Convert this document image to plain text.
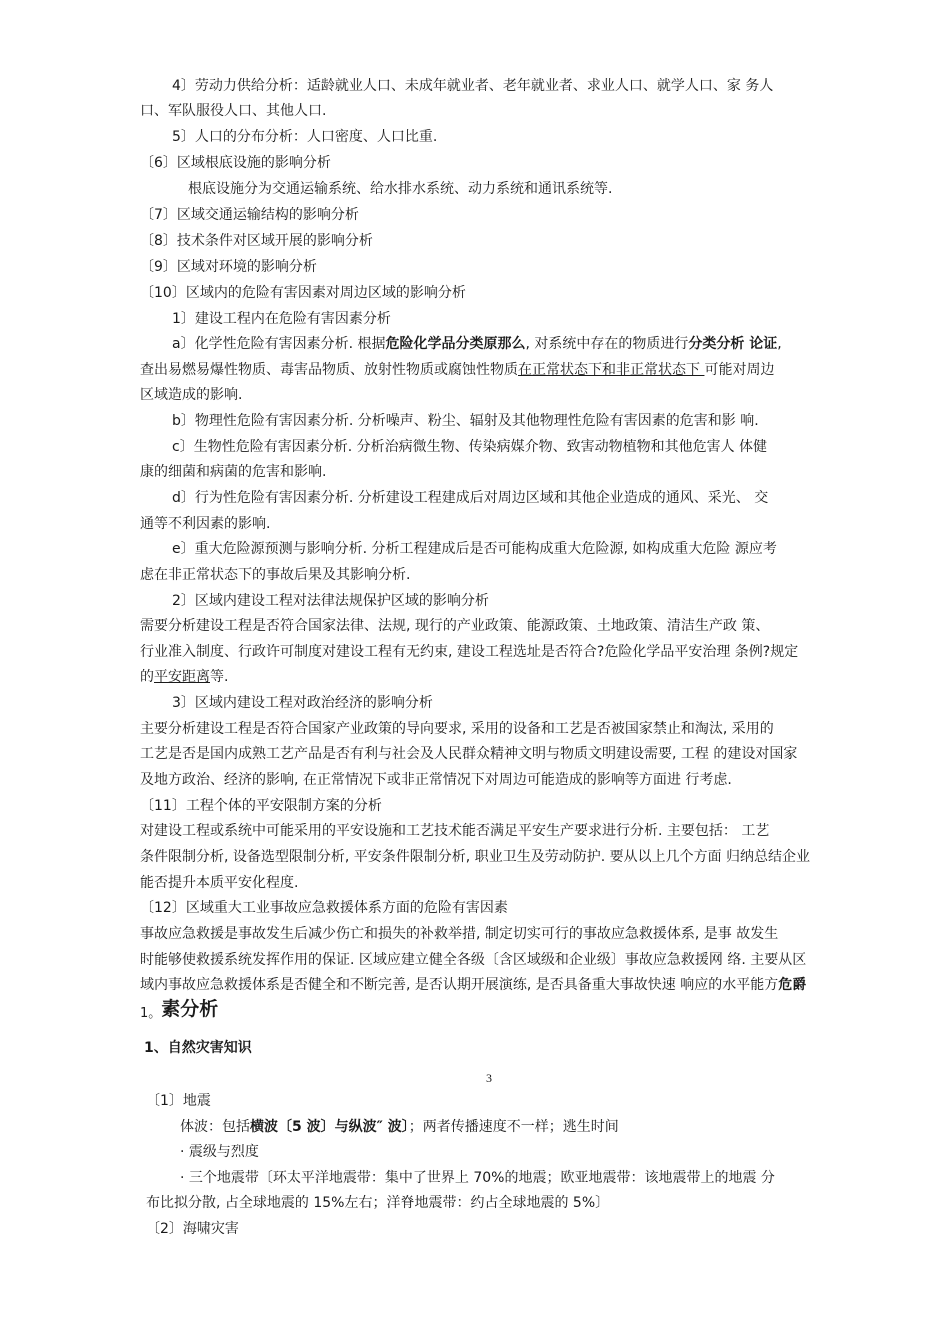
4〕劳动力供给分析：适龄就业人口、未成年就业者、老年就业者、求业人口、就学人口、家 务人
口、军队服役人口、其他人口.
5〕人口的分布分析：人口密度、人口比重.
〔6〕区域根底设施的影响分析
根底设施分为交通运输系统、给水排水系统、动力系统和通讯系统等.
〔7〕区域交通运输结构的影响分析
〔8〕技术条件对区域开展的影响分析
〔9〕区域对环境的影响分析
〔10〕区域内的危险有害因素对周边区域的影响分析
1〕建设工程内在危险有害因素分析
a〕化学性危险有害因素分析. 根据危险化学品分类原那么, 对系统中存在的物质进行分类分析 论证,
查出易燃易爆性物质、毒害品物质、放射性物质或腐蚀性物质在正常状态下和非正常状态下 可能对周边
区域造成的影响.
b〕物理性危险有害因素分析. 分析噪声、粉尘、辐射及其他物理性危险有害因素的危害和影 响.
c〕生物性危险有害因素分析. 分析治病微生物、传染病媒介物、致害动物植物和其他危害人 体健
康的细菌和病菌的危害和影响.
d〕行为性危险有害因素分析. 分析建设工程建成后对周边区域和其他企业造成的通风、采光、 交
通等不利因素的影响.
e〕重大危险源预测与影响分析. 分析工程建成后是否可能构成重大危险源, 如构成重大危险 源应考
虑在非正常状态下的事故后果及其影响分析.
2〕区域内建设工程对法律法规保护区域的影响分析
需要分析建设工程是否符合国家法律、法规, 现行的产业政策、能源政策、土地政策、清洁生产政 策、
行业准入制度、行政许可制度对建设工程有无约束, 建设工程选址是否符合?危险化学品平安治理 条例?规定
的平安距离等.
3〕区域内建设工程对政治经济的影响分析
主要分析建设工程是否符合国家产业政策的导向要求, 采用的设备和工艺是否被国家禁止和淘汰, 采用的
工艺是否是国内成熟工艺产品是否有利与社会及人民群众精神文明与物质文明建设需要, 工程 的建设对国家
及地方政治、经济的影响, 在正常情况下或非正常情况下对周边可能造成的影响等方面进 行考虑.
〔11〕工程个体的平安限制方案的分析
对建设工程或系统中可能采用的平安设施和工艺技术能否满足平安生产要求进行分析. 主要包括： 工艺
条件限制分析, 设备选型限制分析, 平安条件限制分析, 职业卫生及劳动防护. 要从以上几个方面 归纳总结企业
能否提升本质平安化程度.
〔12〕区域重大工业事故应急救援体系方面的危险有害因素
事故应急救援是事故发生后减少伤亡和损失的补救举措, 制定切实可行的事故应急救援体系, 是事 故发生
时能够使救援系统发挥作用的保证. 区域应建立健全各级〔含区域级和企业级〕事故应急救援网 络. 主要从区
域内事故应急救援体系是否健全和不断完善, 是否认期开展演练, 是否具备重大事故快速 响应的水平能方危爵
1。素分析
1、自然灾害知识
3
〔1〕地震
体波：包括横波〔5 波〕与纵波″ 波〕；两者传播速度不一样；逃生时间
· 震级与烈度
· 三个地震带〔环太平洋地震带：集中了世界上 70%的地震；欧亚地震带：该地震带上的地震 分
布比拟分散, 占全球地震的 15%左右；洋脊地震带：约占全球地震的 5%〕
〔2〕海啸灾害
